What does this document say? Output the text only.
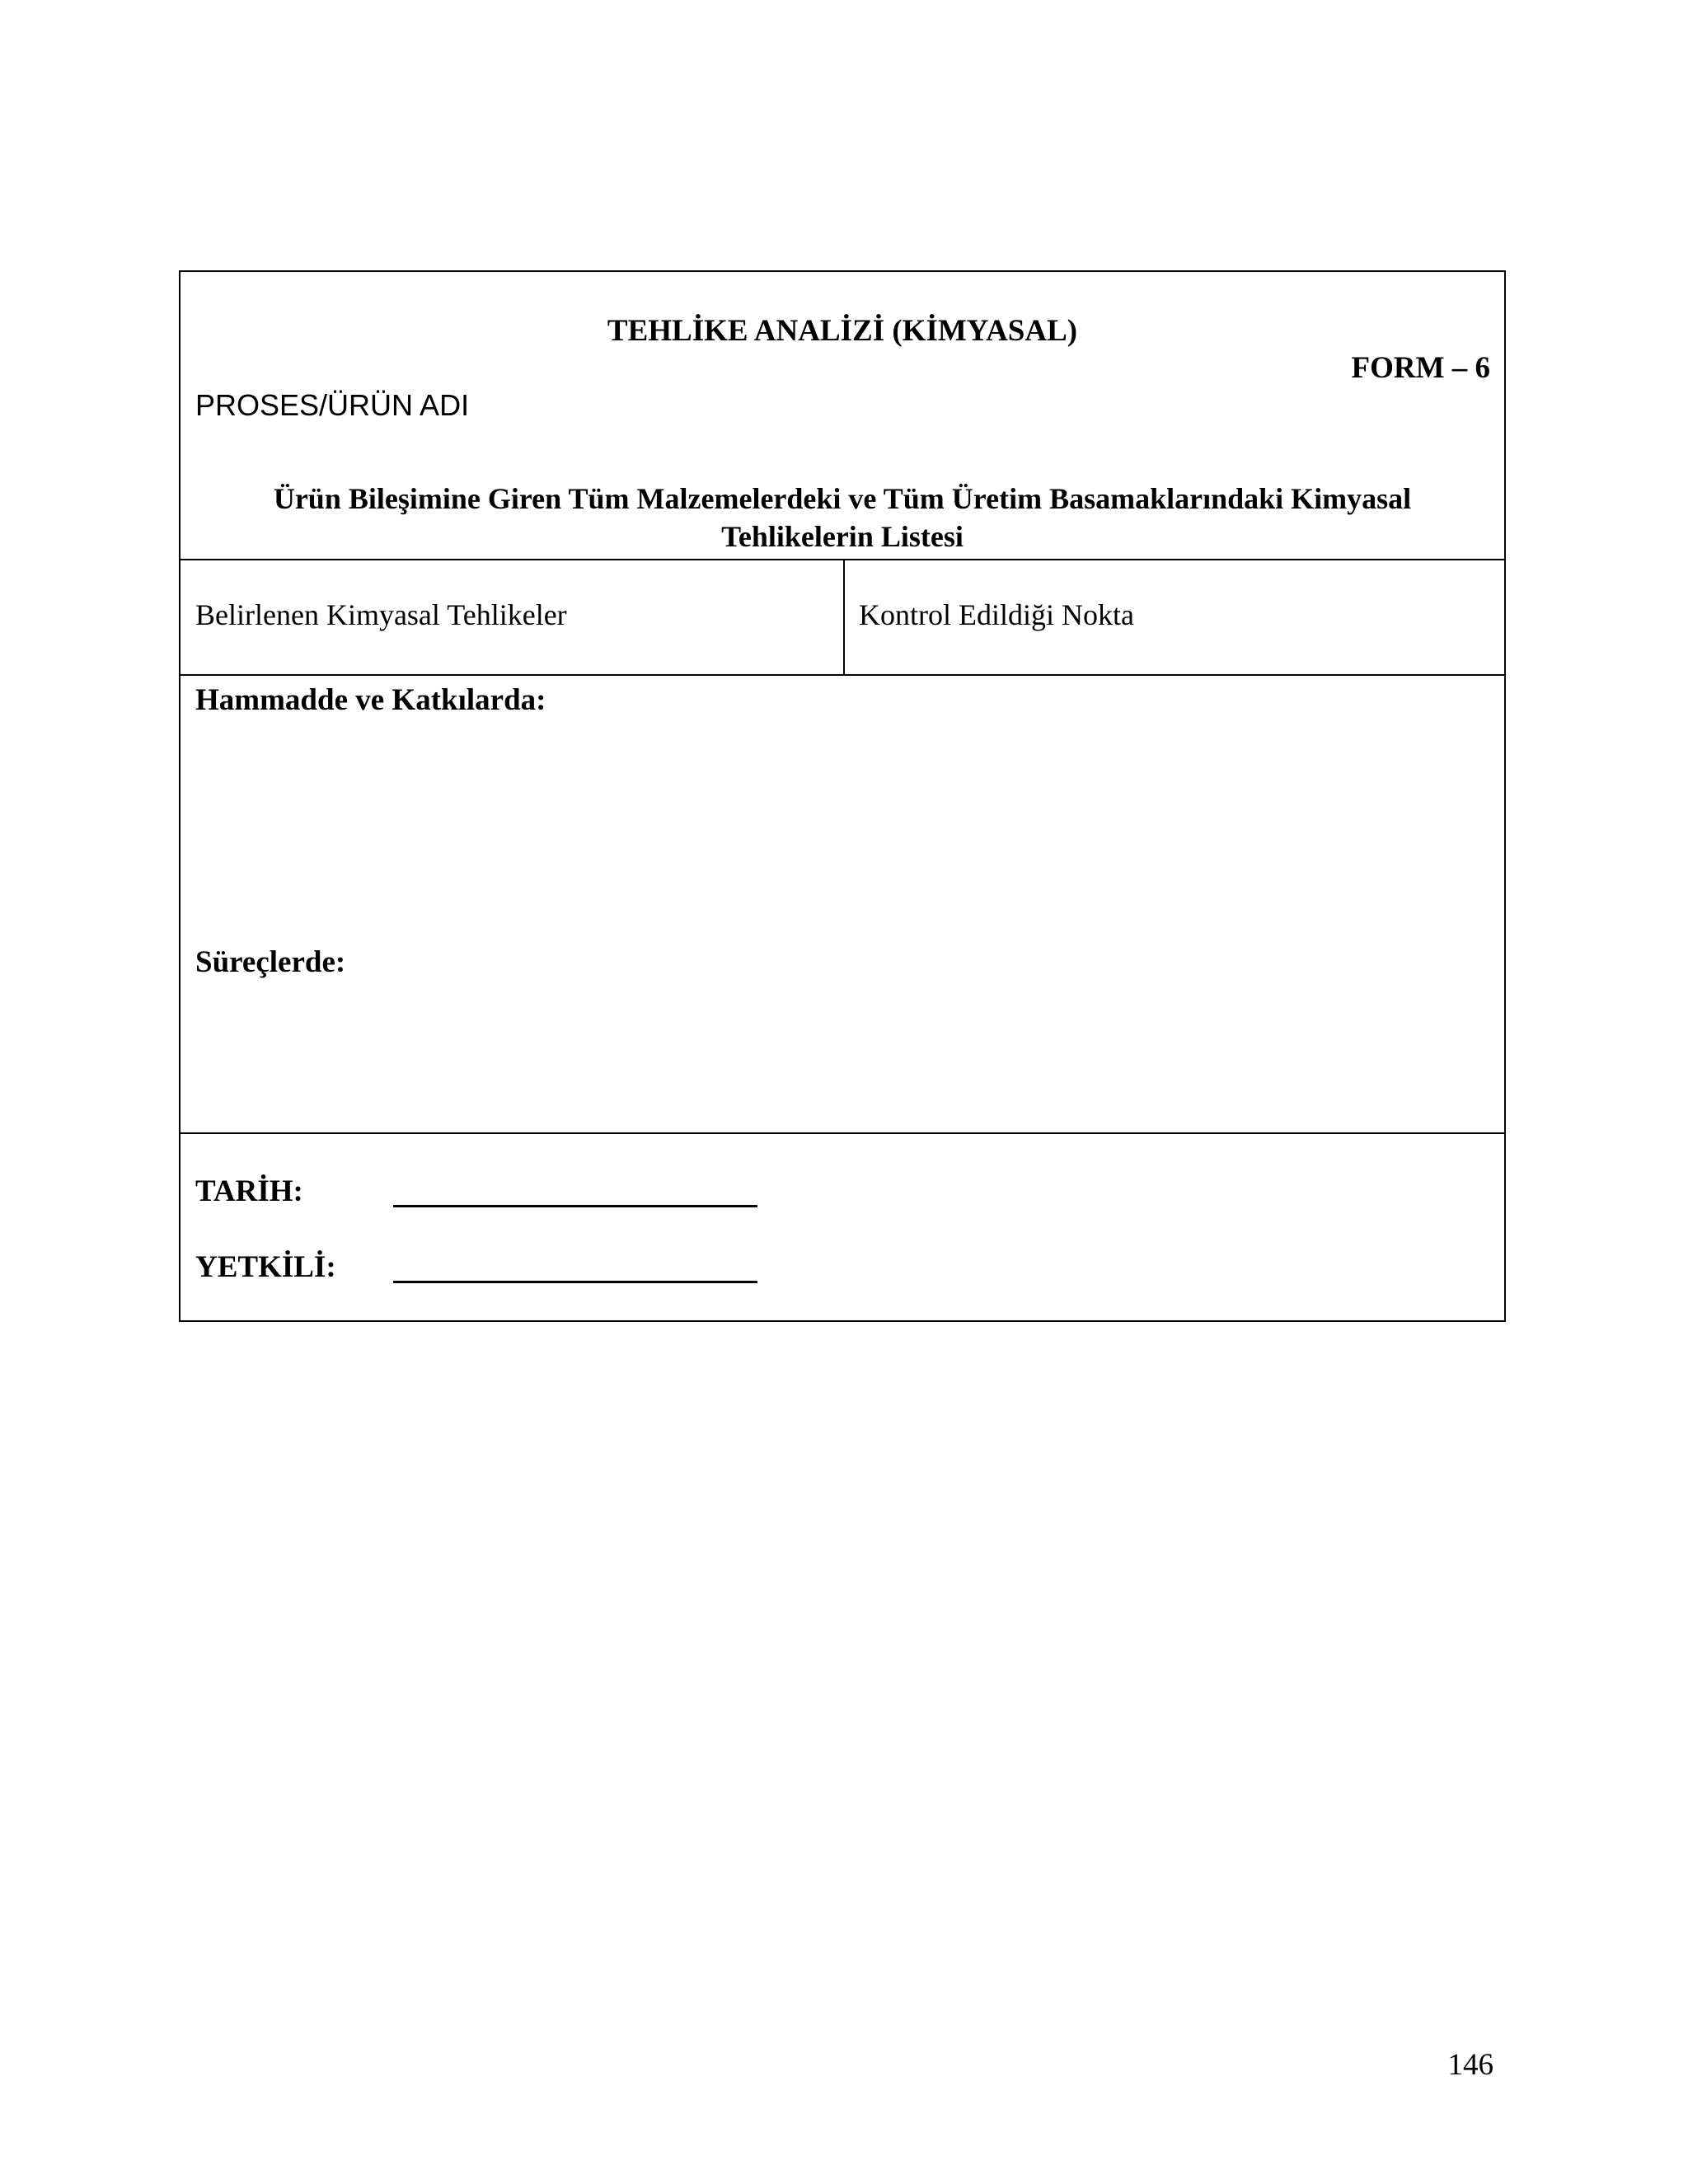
TEHLİKE ANALİZİ (KİMYASAL)
FORM – 6
PROSES/ÜRÜN ADI
Ürün Bileşimine Giren Tüm Malzemelerdeki ve Tüm Üretim Basamaklarındaki Kimyasal Tehlikelerin Listesi
Belirlenen Kimyasal Tehlikeler	Kontrol Edildiği Nokta
Hammadde ve Katkılarda:
Süreçlerde:
TARİH:
YETKİLİ:
146
